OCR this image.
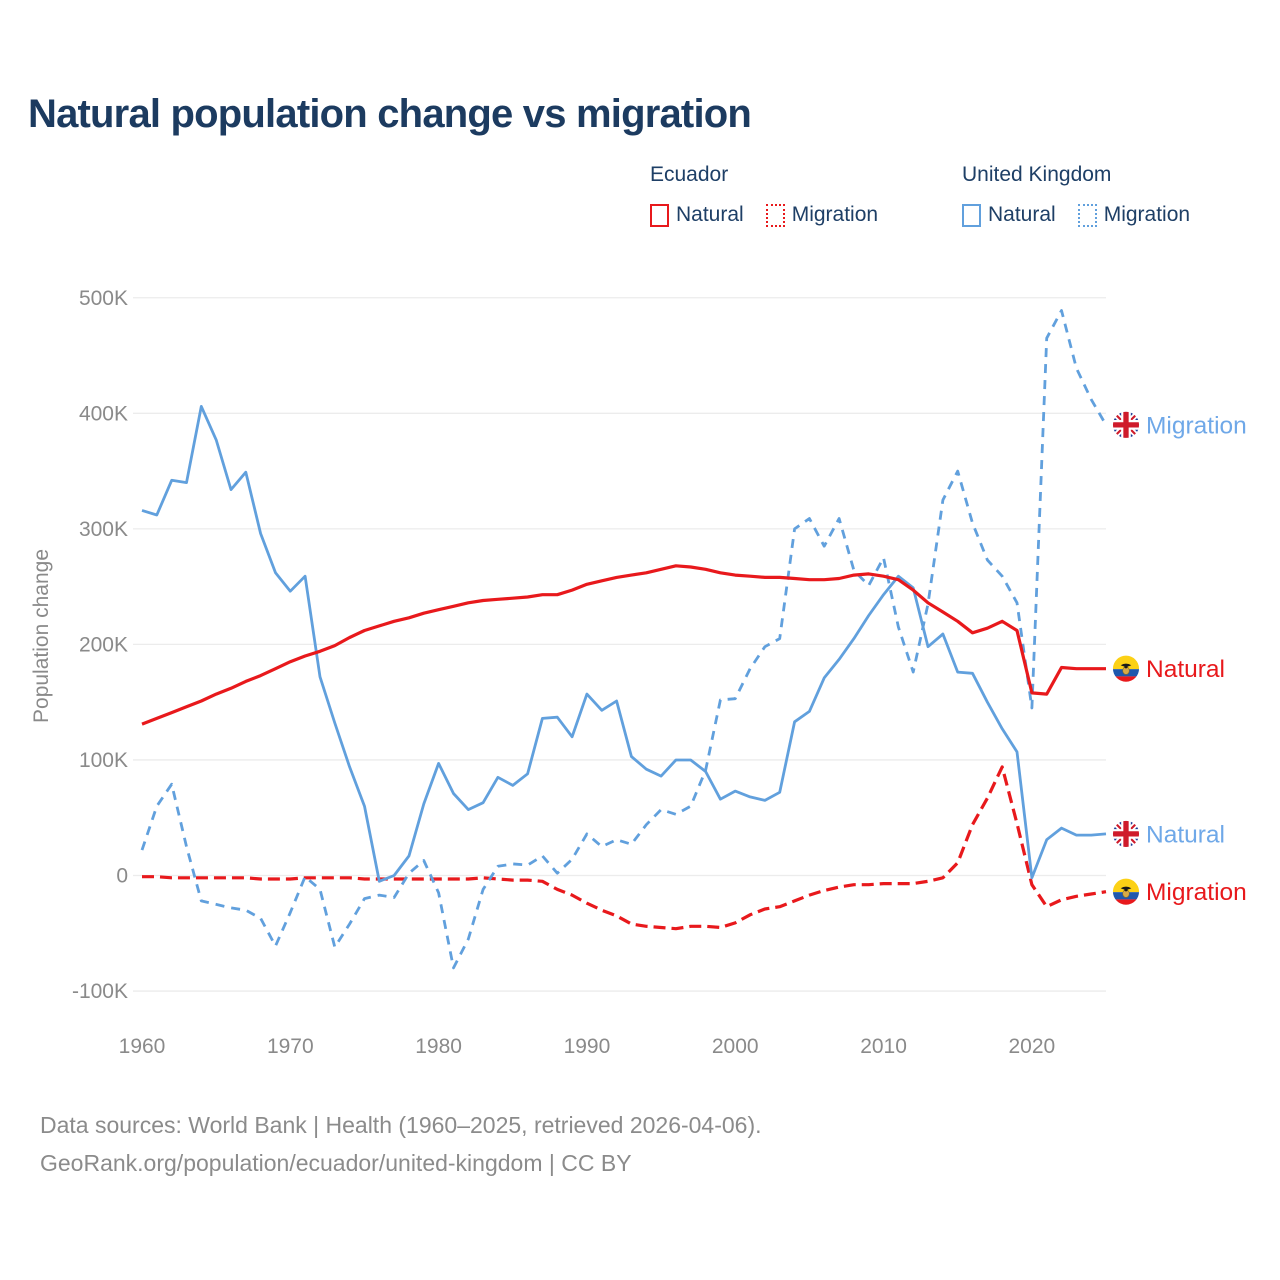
Natural population change vs migration
Ecuador
Natural Migration
United Kingdom
Natural Migration
500K
400K
300K
200K
100K
0
-100K
1960	1970	1980	1990	2000	2010	2020
Population change
Migration
Natural
Natural
Migration
Data sources: World Bank | Health (1960–2025, retrieved 2026-04-06).
GeoRank.org/population/ecuador/united-kingdom | CC BY
